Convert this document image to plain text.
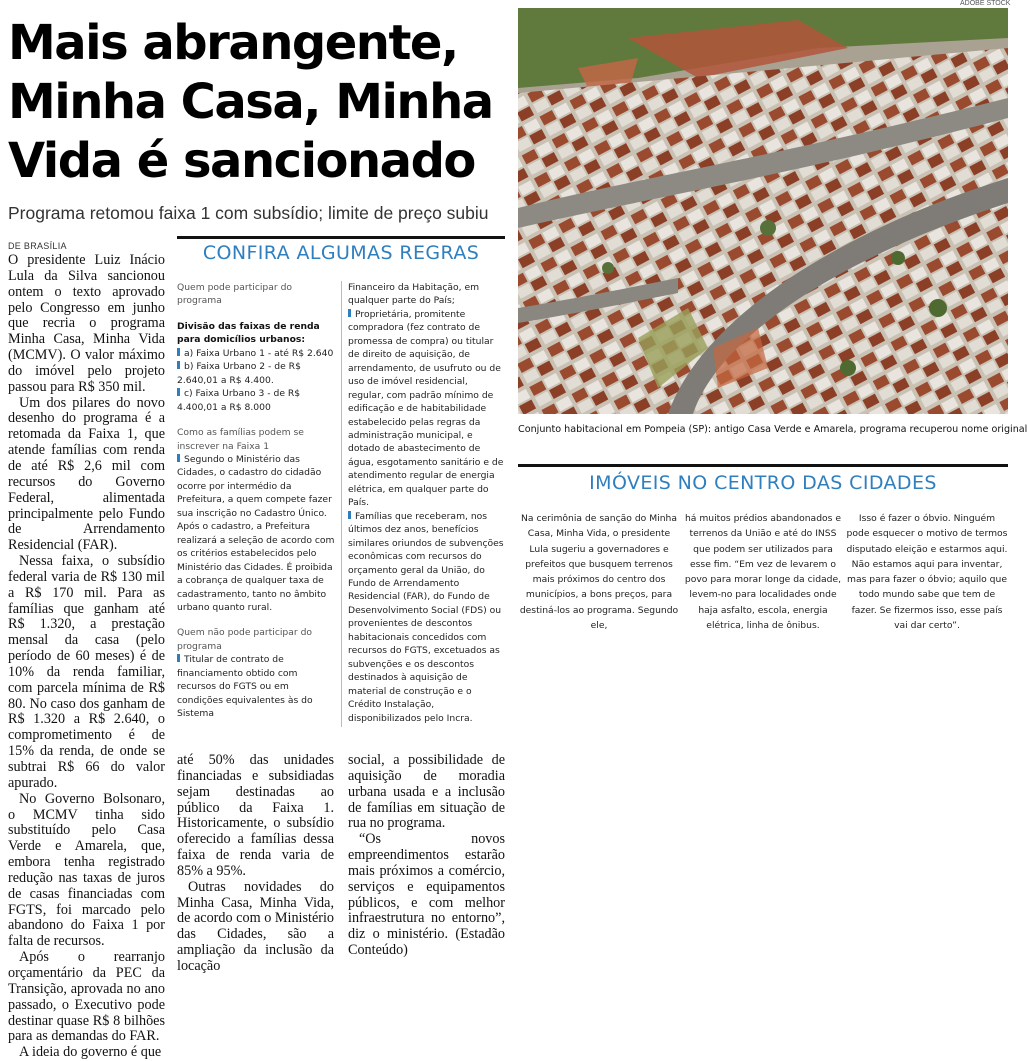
Mais abrangente,
Minha Casa, Minha
Vida é sancionado
Programa retomou faixa 1 com subsídio; limite de preço subiu
DE BRASÍLIA

O presidente Luiz Inácio Lula da Silva sancionou ontem o texto aprovado pelo Congresso em junho que recria o programa Minha Casa, Minha Vida (MCMV). O valor máximo do imóvel pelo projeto passou para R$ 350 mil.

Um dos pilares do novo desenho do programa é a retomada da Faixa 1, que atende famílias com renda de até R$ 2,6 mil com recursos do Governo Federal, alimentada principalmente pelo Fundo de Arrendamento Residencial (FAR).

Nessa faixa, o subsídio federal varia de R$ 130 mil a R$ 170 mil. Para as famílias que ganham até R$ 1.320, a prestação mensal da casa (pelo período de 60 meses) é de 10% da renda familiar, com parcela mínima de R$ 80. No caso dos ganham de R$ 1.320 a R$ 2.640, o comprometimento é de 15% da renda, de onde se subtrai R$ 66 do valor apurado.

No Governo Bolsonaro, o MCMV tinha sido substituído pelo Casa Verde e Amarela, que, embora tenha registrado redução nas taxas de juros de casas financiadas com FGTS, foi marcado pelo abandono do Faixa 1 por falta de recursos.

Após o rearranjo orçamentário da PEC da Transição, aprovada no ano passado, o Executivo pode destinar quase R$ 8 bilhões para as demandas do FAR.

A ideia do governo é que

CONFIRA ALGUMAS REGRAS
Quem pode participar do programa
Divisão das faixas de renda para domicílios urbanos:
a) Faixa Urbano 1 - até R$ 2.640
b) Faixa Urbano 2 - de R$ 2.640,01 a R$ 4.400.
c) Faixa Urbano 3 - de R$ 4.400,01 a R$ 8.000
Como as famílias podem se inscrever na Faixa 1
Segundo o Ministério das Cidades, o cadastro do cidadão ocorre por intermédio da Prefeitura, a quem compete fazer sua inscrição no Cadastro Único. Após o cadastro, a Prefeitura realizará a seleção de acordo com os critérios estabelecidos pelo Ministério das Cidades. É proibida a cobrança de qualquer taxa de cadastramento, tanto no âmbito urbano quanto rural.
Quem não pode participar do programa
Titular de contrato de financiamento obtido com recursos do FGTS ou em condições equivalentes às do Sistema
Financeiro da Habitação, em qualquer parte do País;
Proprietária, promitente compradora (fez contrato de promessa de compra) ou titular de direito de aquisição, de arrendamento, de usufruto ou de uso de imóvel residencial, regular, com padrão mínimo de edificação e de habitabilidade estabelecido pelas regras da administração municipal, e dotado de abastecimento de água, esgotamento sanitário e de atendimento regular de energia elétrica, em qualquer parte do País.
Famílias que receberam, nos últimos dez anos, benefícios similares oriundos de subvenções econômicas com recursos do orçamento geral da União, do Fundo de Arrendamento Residencial (FAR), do Fundo de Desenvolvimento Social (FDS) ou provenientes de descontos habitacionais concedidos com recursos do FGTS, excetuados as subvenções e os descontos destinados à aquisição de material de construção e o Crédito Instalação, disponibilizados pelo Incra.

até 50% das unidades financiadas e subsidiadas sejam destinadas ao público da Faixa 1. Historicamente, o subsídio oferecido a famílias dessa faixa de renda varia de 85% a 95%.

Outras novidades do Minha Casa, Minha Vida, de acordo com o Ministério das Cidades, são a ampliação da inclusão da locação

social, a possibilidade de aquisição de moradia urbana usada e a inclusão de famílias em situação de rua no programa.

“Os novos empreendimentos estarão mais próximos a comércio, serviços e equipamentos públicos, e com melhor infraestrutura no entorno”, diz o ministério. (Estadão Conteúdo)

ADOBE STOCK
Conjunto habitacional em Pompeia (SP): antigo Casa Verde e Amarela, programa recuperou nome original
IMÓVEIS NO CENTRO DAS CIDADES
Na cerimônia de sanção do Minha Casa, Minha Vida, o presidente Lula sugeriu a governadores e prefeitos que busquem terrenos mais próximos do centro dos municípios, a bons preços, para destiná-los ao programa. Segundo ele,
há muitos prédios abandonados e terrenos da União e até do INSS que podem ser utilizados para esse fim. “Em vez de levarem o povo para morar longe da cidade, levem-no para localidades onde haja asfalto, escola, energia elétrica, linha de ônibus.
Isso é fazer o óbvio. Ninguém pode esquecer o motivo de termos disputado eleição e estarmos aqui. Não estamos aqui para inventar, mas para fazer o óbvio; aquilo que todo mundo sabe que tem de fazer. Se fizermos isso, esse país vai dar certo”.
